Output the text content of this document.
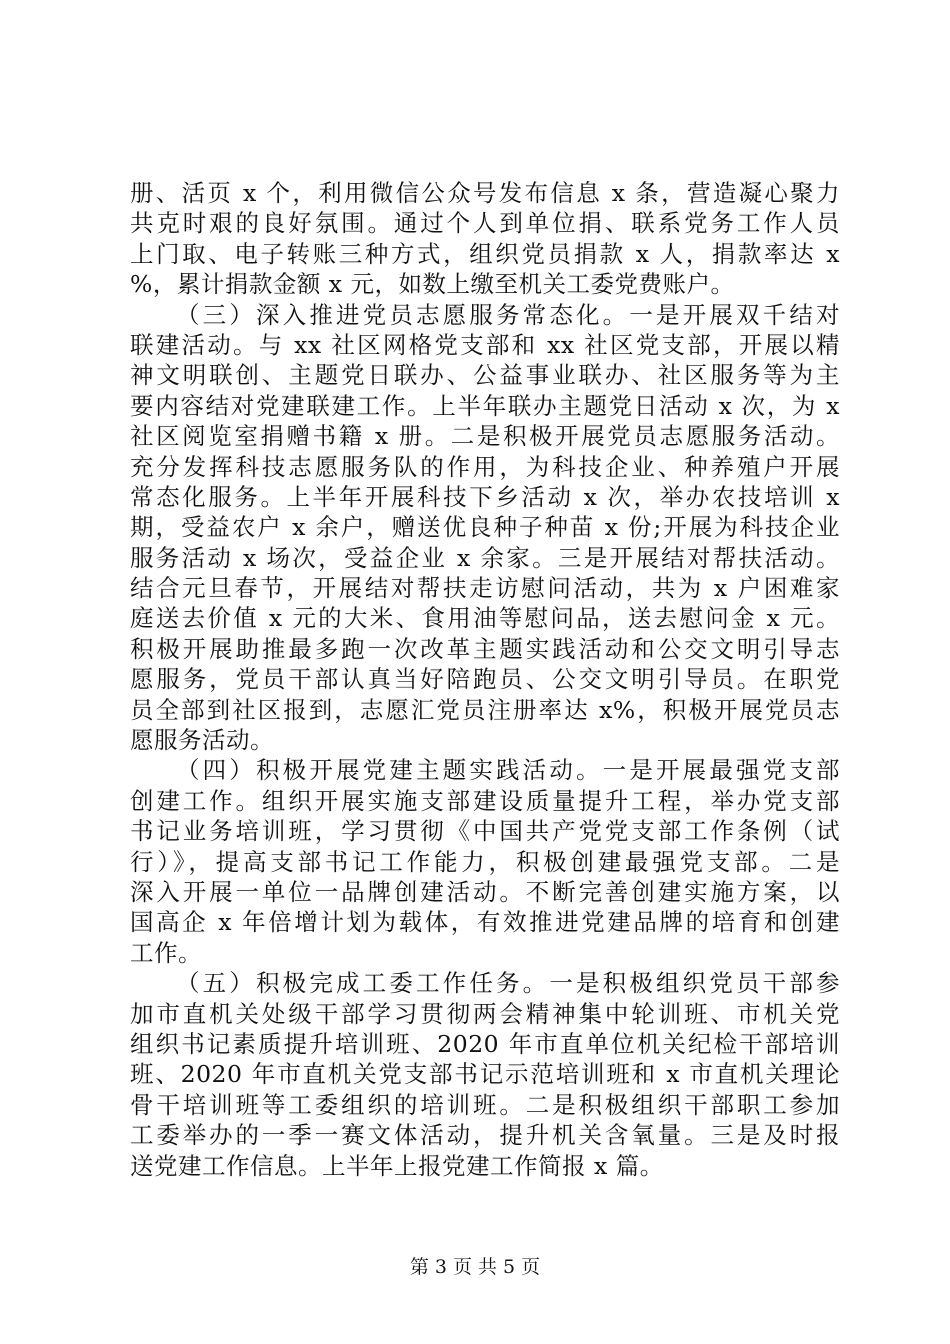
册、活页 x 个，利用微信公众号发布信息 x 条，营造凝心聚力
共克时艰的良好氛围。通过个人到单位捐、联系党务工作人员
上门取、电子转账三种方式，组织党员捐款 x 人，捐款率达 x
%，累计捐款金额 x 元，如数上缴至机关工委党费账户。
（三）深入推进党员志愿服务常态化。一是开展双千结对
联建活动。与 xx 社区网格党支部和 xx 社区党支部，开展以精
神文明联创、主题党日联办、公益事业联办、社区服务等为主
要内容结对党建联建工作。上半年联办主题党日活动 x 次，为 x
社区阅览室捐赠书籍 x 册。二是积极开展党员志愿服务活动。
充分发挥科技志愿服务队的作用，为科技企业、种养殖户开展
常态化服务。上半年开展科技下乡活动 x 次，举办农技培训 x
期，受益农户 x 余户，赠送优良种子种苗 x 份;开展为科技企业
服务活动 x 场次，受益企业 x 余家。三是开展结对帮扶活动。
结合元旦春节，开展结对帮扶走访慰问活动，共为 x 户困难家
庭送去价值 x 元的大米、食用油等慰问品，送去慰问金 x 元。
积极开展助推最多跑一次改革主题实践活动和公交文明引导志
愿服务，党员干部认真当好陪跑员、公交文明引导员。在职党
员全部到社区报到，志愿汇党员注册率达 x%，积极开展党员志
愿服务活动。
（四）积极开展党建主题实践活动。一是开展最强党支部
创建工作。组织开展实施支部建设质量提升工程，举办党支部
书记业务培训班，学习贯彻《中国共产党党支部工作条例（试
行）》，提高支部书记工作能力，积极创建最强党支部。二是
深入开展一单位一品牌创建活动。不断完善创建实施方案，以
国高企 x 年倍增计划为载体，有效推进党建品牌的培育和创建
工作。
（五）积极完成工委工作任务。一是积极组织党员干部参
加市直机关处级干部学习贯彻两会精神集中轮训班、市机关党
组织书记素质提升培训班、2020 年市直单位机关纪检干部培训
班、2020 年市直机关党支部书记示范培训班和 x 市直机关理论
骨干培训班等工委组织的培训班。二是积极组织干部职工参加
工委举办的一季一赛文体活动，提升机关含氧量。三是及时报
送党建工作信息。上半年上报党建工作简报 x 篇。
第 3 页 共 5 页
